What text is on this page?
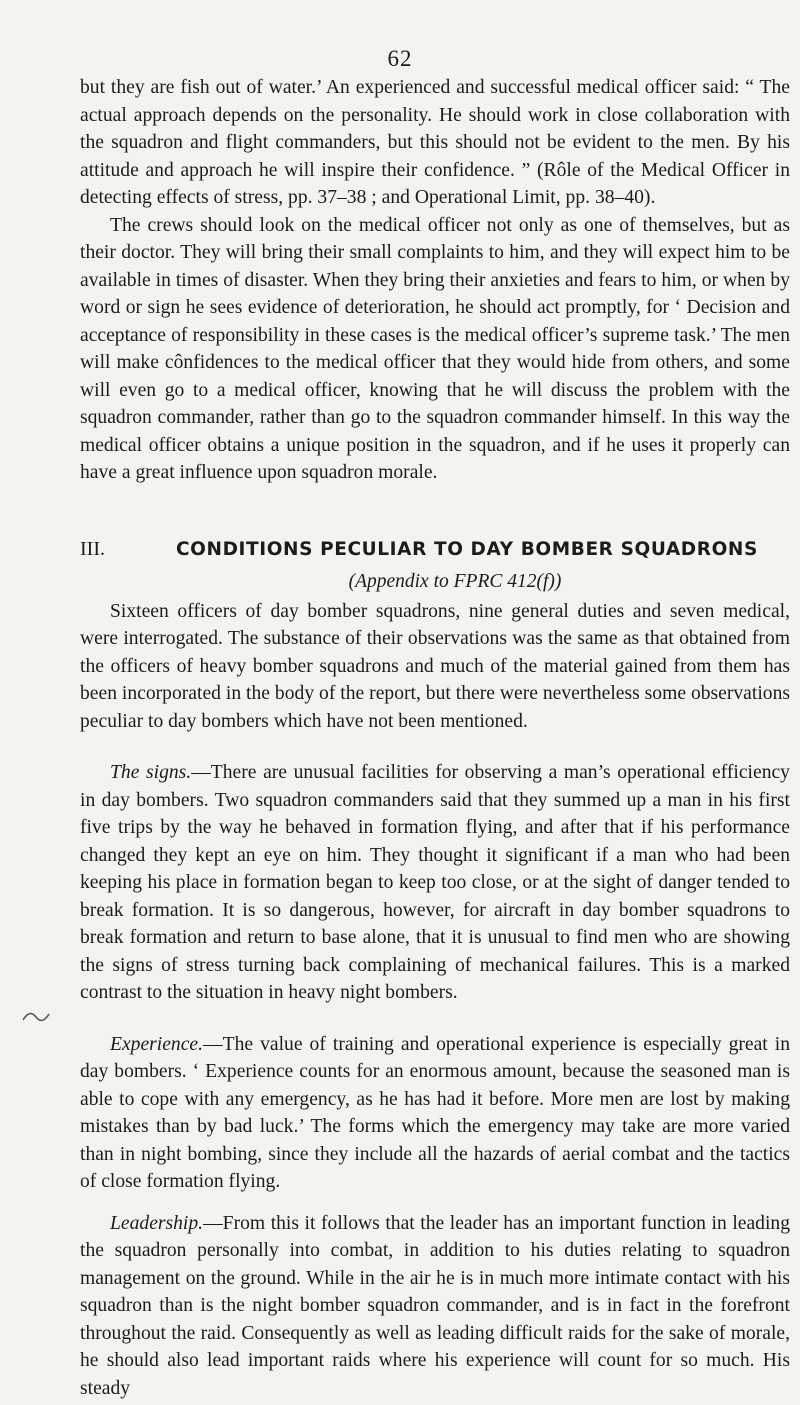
62

but they are fish out of water.’ An experienced and successful medical officer said: “ The actual approach depends on the personality. He should work in close collaboration with the squadron and flight commanders, but this should not be evident to the men. By his attitude and approach he will inspire their confidence. ” (Rôle of the Medical Officer in detecting effects of stress, pp. 37–38 ; and Operational Limit, pp. 38–40).

The crews should look on the medical officer not only as one of themselves, but as their doctor. They will bring their small complaints to him, and they will expect him to be available in times of disaster. When they bring their anxieties and fears to him, or when by word or sign he sees evidence of deterioration, he should act promptly, for ‘ Decision and acceptance of responsibility in these cases is the medical officer’s supreme task.’ The men will make cônfidences to the medical officer that they would hide from others, and some will even go to a medical officer, knowing that he will discuss the problem with the squadron commander, rather than go to the squadron commander himself. In this way the medical officer obtains a unique position in the squadron, and if he uses it properly can have a great influence upon squadron morale.

III.	CONDITIONS PECULIAR TO DAY BOMBER SQUADRONS
(Appendix to FPRC 412(f))

Sixteen officers of day bomber squadrons, nine general duties and seven medical, were interrogated. The substance of their observations was the same as that obtained from the officers of heavy bomber squadrons and much of the material gained from them has been incorporated in the body of the report, but there were nevertheless some observations peculiar to day bombers which have not been mentioned.

The signs.—There are unusual facilities for observing a man’s operational efficiency in day bombers. Two squadron commanders said that they summed up a man in his first five trips by the way he behaved in formation flying, and after that if his performance changed they kept an eye on him. They thought it significant if a man who had been keeping his place in formation began to keep too close, or at the sight of danger tended to break formation. It is so dangerous, however, for aircraft in day bomber squadrons to break formation and return to base alone, that it is unusual to find men who are showing the signs of stress turning back complaining of mechanical failures. This is a marked contrast to the situation in heavy night bombers.

Experience.—The value of training and operational experience is especially great in day bombers. ‘ Experience counts for an enormous amount, because the seasoned man is able to cope with any emergency, as he has had it before. More men are lost by making mistakes than by bad luck.’ The forms which the emergency may take are more varied than in night bombing, since they include all the hazards of aerial combat and the tactics of close formation flying.

Leadership.—From this it follows that the leader has an important function in leading the squadron personally into combat, in addition to his duties relating to squadron management on the ground. While in the air he is in much more intimate contact with his squadron than is the night bomber squadron commander, and is in fact in the forefront throughout the raid. Consequently as well as leading difficult raids for the sake of morale, he should also lead important raids where his experience will count for so much. His steady
